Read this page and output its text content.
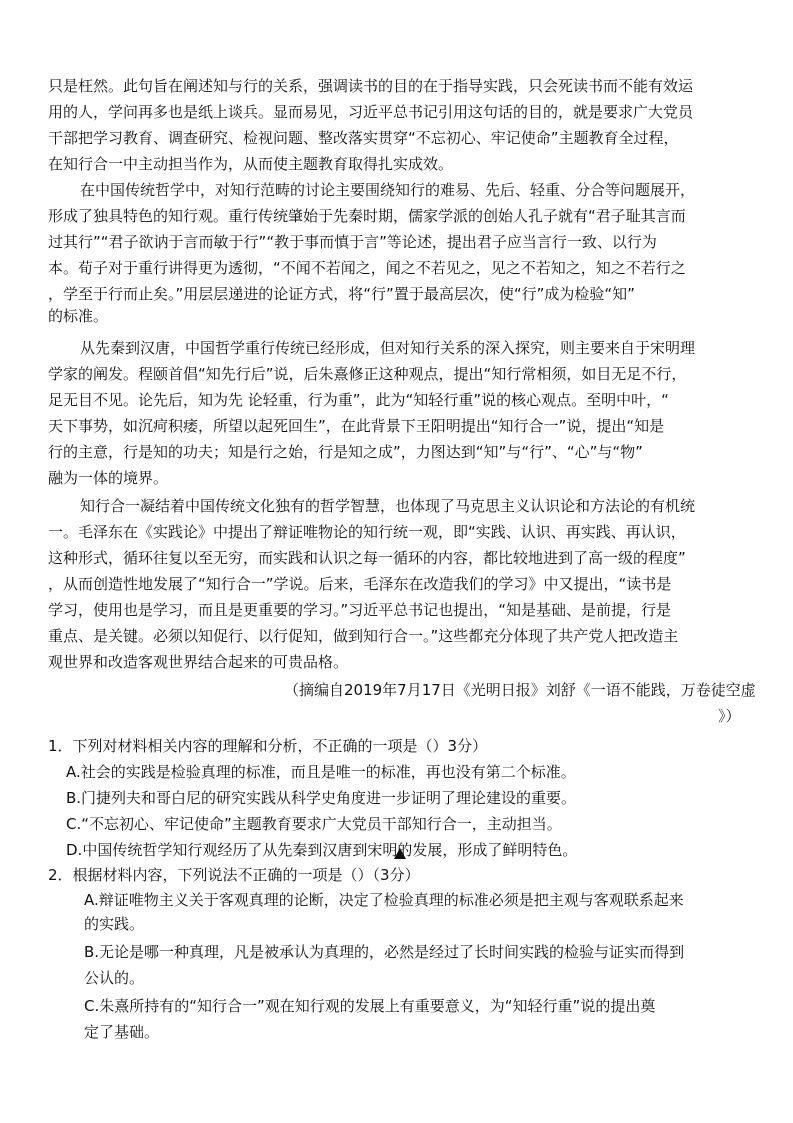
只是枉然。此句旨在阐述知与行的关系，强调读书的目的在于指导实践，只会死读书而不能有效运
用的人，学问再多也是纸上谈兵。显而易见，习近平总书记引用这句话的目的，就是要求广大党员
干部把学习教育、调查研究、检视问题、整改落实贯穿“不忘初心、牢记使命”主题教育全过程，
在知行合一中主动担当作为，从而使主题教育取得扎实成效。
在中国传统哲学中，对知行范畴的讨论主要围绕知行的难易、先后、轻重、分合等问题展开，
形成了独具特色的知行观。重行传统肇始于先秦时期，儒家学派的创始人孔子就有“君子耻其言而
过其行”“君子欲讷于言而敏于行”“教于事而慎于言”等论述，提出君子应当言行一致、以行为
本。荀子对于重行讲得更为透彻，“不闻不若闻之，闻之不若见之，见之不若知之，知之不若行之
，学至于行而止矣。”用层层递进的论证方式，将“行”置于最高层次，使“行”成为检验“知”
的标准。
从先秦到汉唐，中国哲学重行传统已经形成，但对知行关系的深入探究，则主要来自于宋明理
学家的阐发。程颐首倡“知先行后”说，后朱熹修正这种观点，提出“知行常相须，如目无足不行，
足无目不见。论先后，知为先 论轻重，行为重”，此为“知轻行重”说的核心观点。至明中叶，“
天下事势，如沉疴积痿，所望以起死回生”，在此背景下王阳明提出“知行合一”说，提出“知是
行的主意，行是知的功夫；知是行之始，行是知之成”，力图达到“知”与“行”、“心”与“物”
融为一体的境界。
知行合一凝结着中国传统文化独有的哲学智慧，也体现了马克思主义认识论和方法论的有机统
一。毛泽东在《实践论》中提出了辩证唯物论的知行统一观，即“实践、认识、再实践、再认识，
这种形式，循环往复以至无穷，而实践和认识之每一循环的内容，都比较地进到了高一级的程度”
，从而创造性地发展了“知行合一”学说。后来，毛泽东在改造我们的学习》中又提出，“读书是
学习，使用也是学习，而且是更重要的学习。”习近平总书记也提出，“知是基础、是前提，行是
重点、是关键。必须以知促行、以行促知，做到知行合一。”这些都充分体现了共产党人把改造主
观世界和改造客观世界结合起来的可贵品格。
（摘编自2019年7月17日《光明日报》刘舒《一语不能践，万卷徒空虚
》）
1．下列对材料相关内容的理解和分析，不正确的一项是（）3分）
A.社会的实践是检验真理的标准，而且是唯一的标准，再也没有第二个标准。
B.门捷列夫和哥白尼的研究实践从科学史角度进一步证明了理论建设的重要。
C.“不忘初心、牢记使命”主题教育要求广大党员干部知行合一，主动担当。
D.中国传统哲学知行观经历了从先秦到汉唐到宋明的发展，形成了鲜明特色。
2．根据材料内容，下列说法不正确的一项是（）（3分）
A.辩证唯物主义关于客观真理的论断，决定了检验真理的标准必须是把主观与客观联系起来
的实践。
B.无论是哪一种真理，凡是被承认为真理的，必然是经过了长时间实践的检验与证实而得到
公认的。
C.朱熹所持有的“知行合一”观在知行观的发展上有重要意义，为“知轻行重”说的提出奠
定了基础。
